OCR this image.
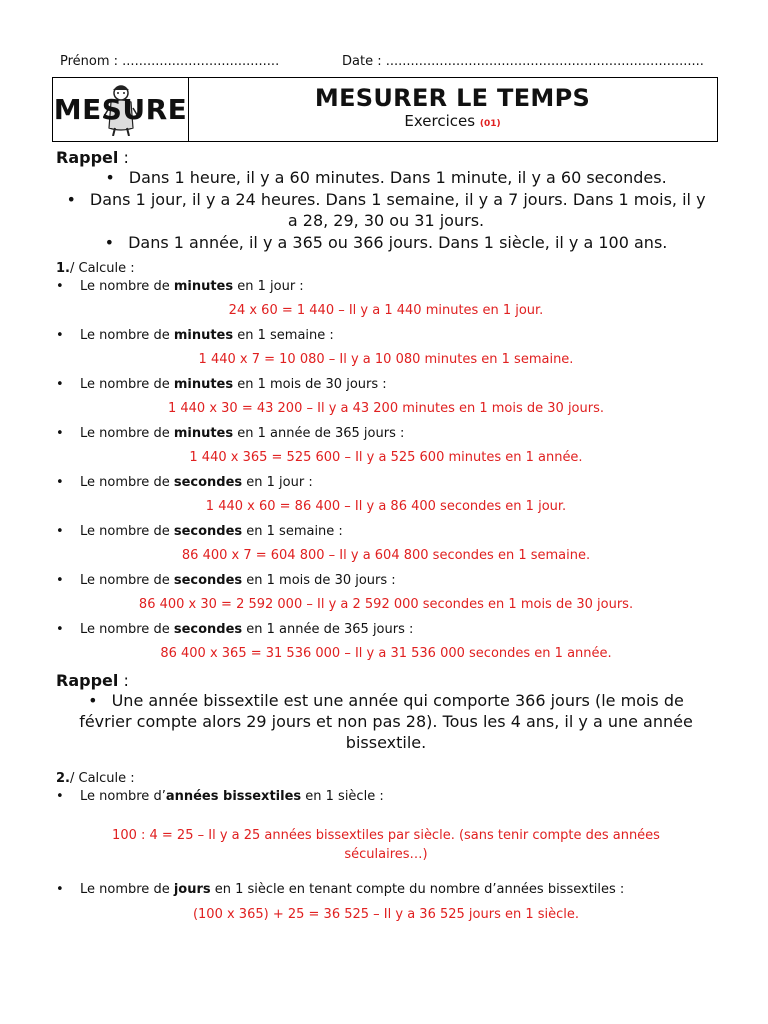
Prénom : ......................................	Date : .............................................................................
MESURE	MESURER LE TEMPS
Exercices (01)
Rappel :
• Dans 1 heure, il y a 60 minutes. Dans 1 minute, il y a 60 secondes.
• Dans 1 jour, il y a 24 heures. Dans 1 semaine, il y a 7 jours. Dans 1 mois, il y a 28, 29, 30 ou 31 jours.
• Dans 1 année, il y a 365 ou 366 jours. Dans 1 siècle, il y a 100 ans.
1./ Calcule :
• Le nombre de minutes en 1 jour :
24 x 60 = 1 440 – Il y a 1 440 minutes en 1 jour.
• Le nombre de minutes en 1 semaine :
1 440 x 7 = 10 080 – Il y a 10 080 minutes en 1 semaine.
• Le nombre de minutes en 1 mois de 30 jours :
1 440 x 30 = 43 200 – Il y a 43 200 minutes en 1 mois de 30 jours.
• Le nombre de minutes en 1 année de 365 jours :
1 440 x 365 = 525 600 – Il y a 525 600 minutes en 1 année.
• Le nombre de secondes en 1 jour :
1 440 x 60 = 86 400 – Il y a 86 400 secondes en 1 jour.
• Le nombre de secondes en 1 semaine :
86 400 x 7 = 604 800 – Il y a 604 800 secondes en 1 semaine.
• Le nombre de secondes en 1 mois de 30 jours :
86 400 x 30 = 2 592 000 – Il y a 2 592 000 secondes en 1 mois de 30 jours.
• Le nombre de secondes en 1 année de 365 jours :
86 400 x 365 = 31 536 000 – Il y a 31 536 000 secondes en 1 année.
Rappel :
• Une année bissextile est une année qui comporte 366 jours (le mois de février compte alors 29 jours et non pas 28). Tous les 4 ans, il y a une année bissextile.
2./ Calcule :
• Le nombre d’années bissextiles en 1 siècle :
100 : 4 = 25 – Il y a 25 années bissextiles par siècle. (sans tenir compte des années séculaires…)
• Le nombre de jours en 1 siècle en tenant compte du nombre d’années bissextiles :
(100 x 365) + 25 = 36 525 – Il y a 36 525 jours en 1 siècle.
